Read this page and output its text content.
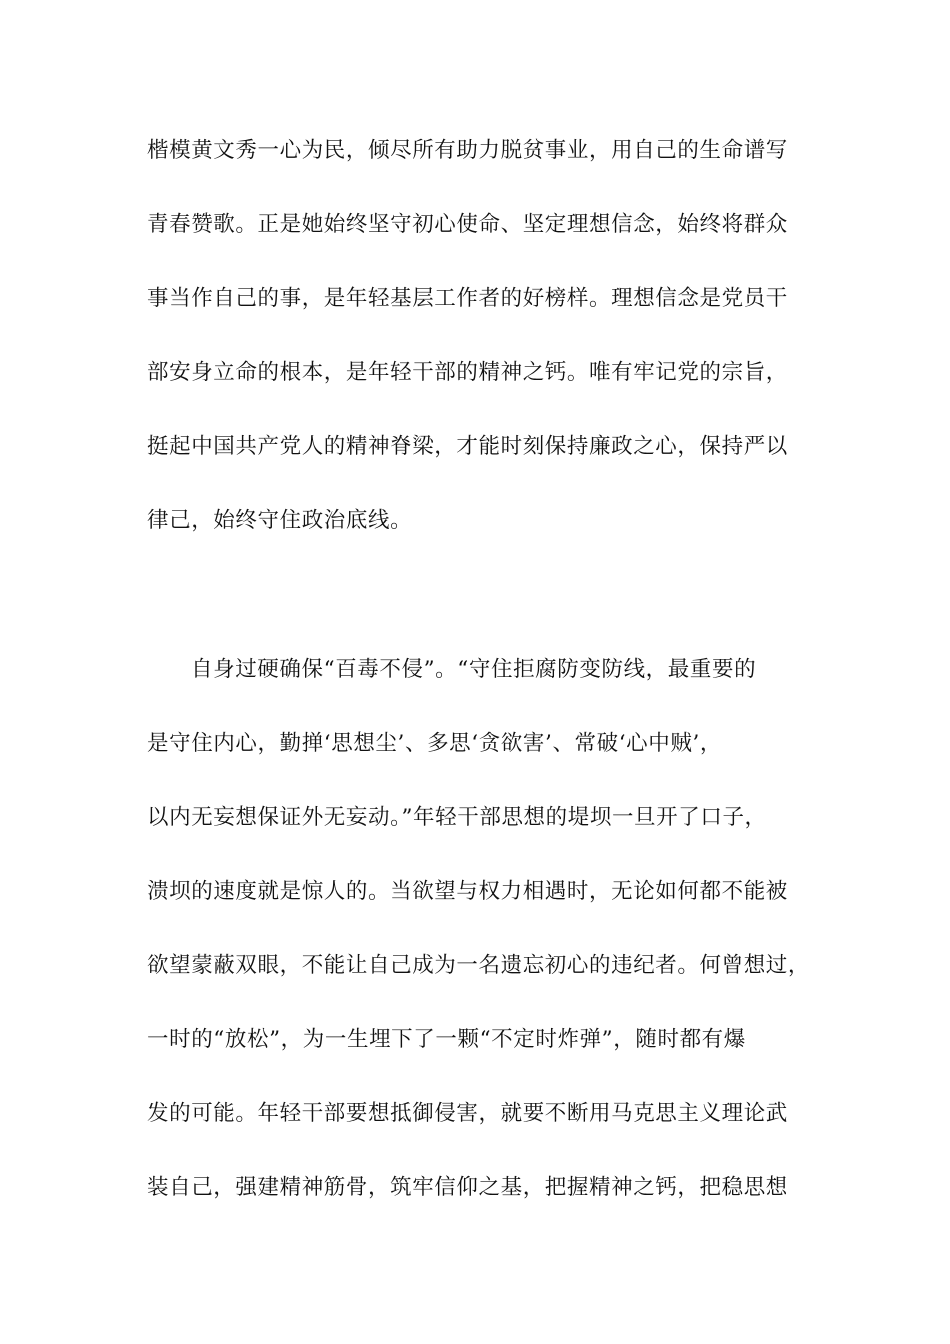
楷模黄文秀一心为民，倾尽所有助力脱贫事业，用自己的生命谱写
青春赞歌。正是她始终坚守初心使命、坚定理想信念，始终将群众
事当作自己的事，是年轻基层工作者的好榜样。理想信念是党员干
部安身立命的根本，是年轻干部的精神之钙。唯有牢记党的宗旨，
挺起中国共产党人的精神脊梁，才能时刻保持廉政之心，保持严以
律己，始终守住政治底线。
自身过硬确保“百毒不侵”。“守住拒腐防变防线，最重要的
是守住内心，勤掸‘思想尘’、多思‘贪欲害’、常破‘心中贼’，
以内无妄想保证外无妄动。”年轻干部思想的堤坝一旦开了口子，
溃坝的速度就是惊人的。当欲望与权力相遇时，无论如何都不能被
欲望蒙蔽双眼，不能让自己成为一名遗忘初心的违纪者。何曾想过，
一时的“放松”，为一生埋下了一颗“不定时炸弹”，随时都有爆
发的可能。年轻干部要想抵御侵害，就要不断用马克思主义理论武
装自己，强建精神筋骨，筑牢信仰之基，把握精神之钙，把稳思想
